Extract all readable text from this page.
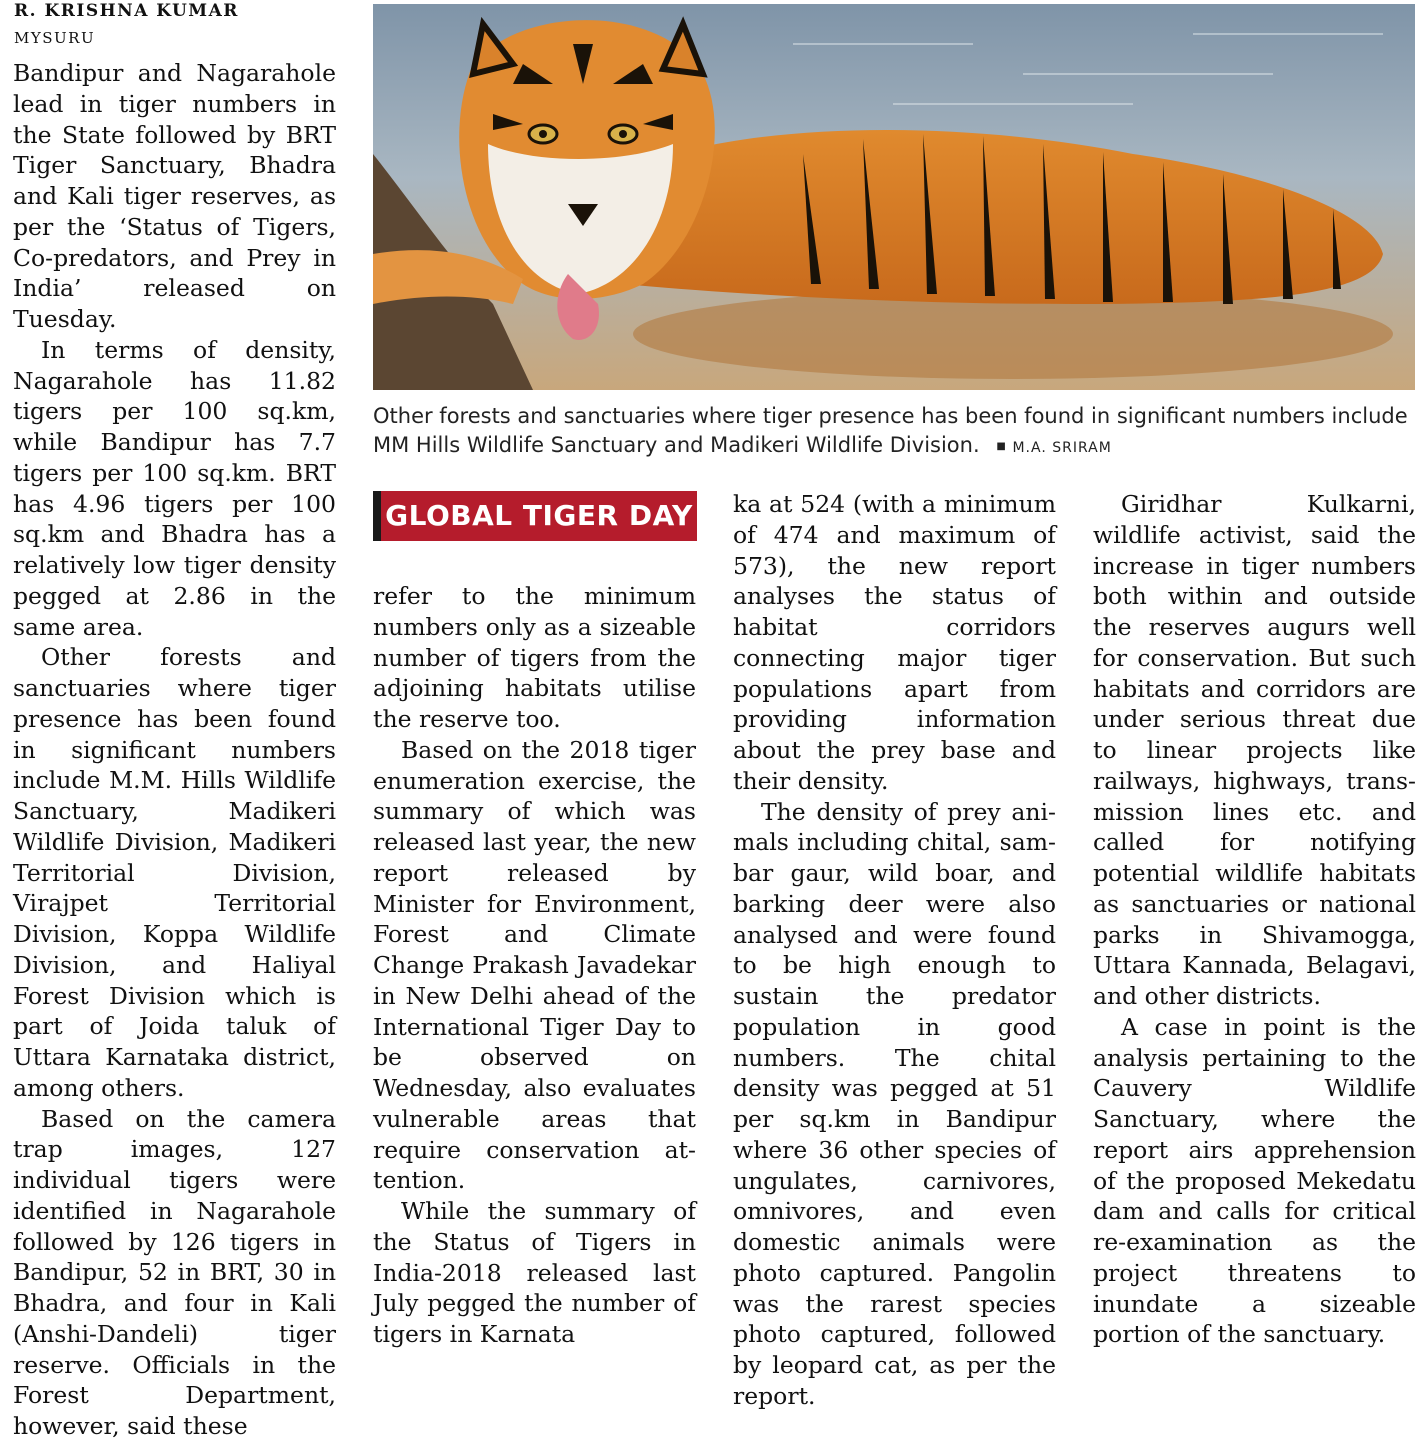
R. KRISHNA KUMAR
MYSURU

Bandipur and Nagarahole lead in tiger numbers in the State followed by BRT Tiger Sanctuary, Bhadra and Kali tiger reserves, as per the ‘Status of Tigers, Co-predators, and Prey in India’ released on Tuesday.

In terms of density, Nagarahole has 11.82 tigers per 100 sq.km, while Bandipur has 7.7 tigers per 100 sq.km. BRT has 4.96 tigers per 100 sq.km and Bhadra has a relatively low tiger density pegged at 2.86 in the same area.

Other forests and sanctuaries where tiger presence has been found in significant numbers include M.M. Hills Wildlife Sanctuary, Madikeri Wildlife Division, Madikeri Territorial Division, Virajpet Territorial Division, Koppa Wildlife Division, and Haliyal Forest Division which is part of Joida taluk of Uttara Karnataka district, among others.

Based on the camera trap images, 127 individual tigers were identified in Nagarahole followed by 126 tigers in Bandipur, 52 in BRT, 30 in Bhadra, and four in Kali (Anshi-Dandeli) tiger reserve. Officials in the Forest Department, however, said these

Other forests and sanctuaries where tiger presence has been found in significant numbers include MM Hills Wildlife Sanctuary and Madikeri Wildlife Division. ■ M.A. SRIRAM
GLOBAL TIGER DAY

refer to the minimum numbers only as a sizeable number of tigers from the adjoining habitats utilise the reserve too.

Based on the 2018 tiger enumeration exercise, the summary of which was released last year, the new report released by Minister for Environment, Forest and Climate Change Prakash Javadekar in New Delhi ahead of the International Tiger Day to be observed on Wednesday, also evaluates vulnerable areas that require conservation attention.

While the summary of the Status of Tigers in India-2018 released last July pegged the number of tigers in Karnata

ka at 524 (with a minimum of 474 and maximum of 573), the new report analyses the status of habitat corridors connecting major tiger populations apart from providing information about the prey base and their density.

The density of prey animals including chital, sambar gaur, wild boar, and barking deer were also analysed and were found to be high enough to sustain the predator population in good numbers. The chital density was pegged at 51 per sq.km in Bandipur where 36 other species of ungulates, carnivores, omnivores, and even domestic animals were photo captured. Pangolin was the rarest species photo captured, followed by leopard cat, as per the report.

Giridhar Kulkarni, wildlife activist, said the increase in tiger numbers both within and outside the reserves augurs well for conservation. But such habitats and corridors are under serious threat due to linear projects like railways, highways, transmission lines etc. and called for notifying potential wildlife habitats as sanctuaries or national parks in Shivamogga, Uttara Kannada, Belagavi, and other districts.

A case in point is the analysis pertaining to the Cauvery Wildlife Sanctuary, where the report airs apprehension of the proposed Mekedatu dam and calls for critical re-examination as the project threatens to inundate a sizeable portion of the sanctuary.
